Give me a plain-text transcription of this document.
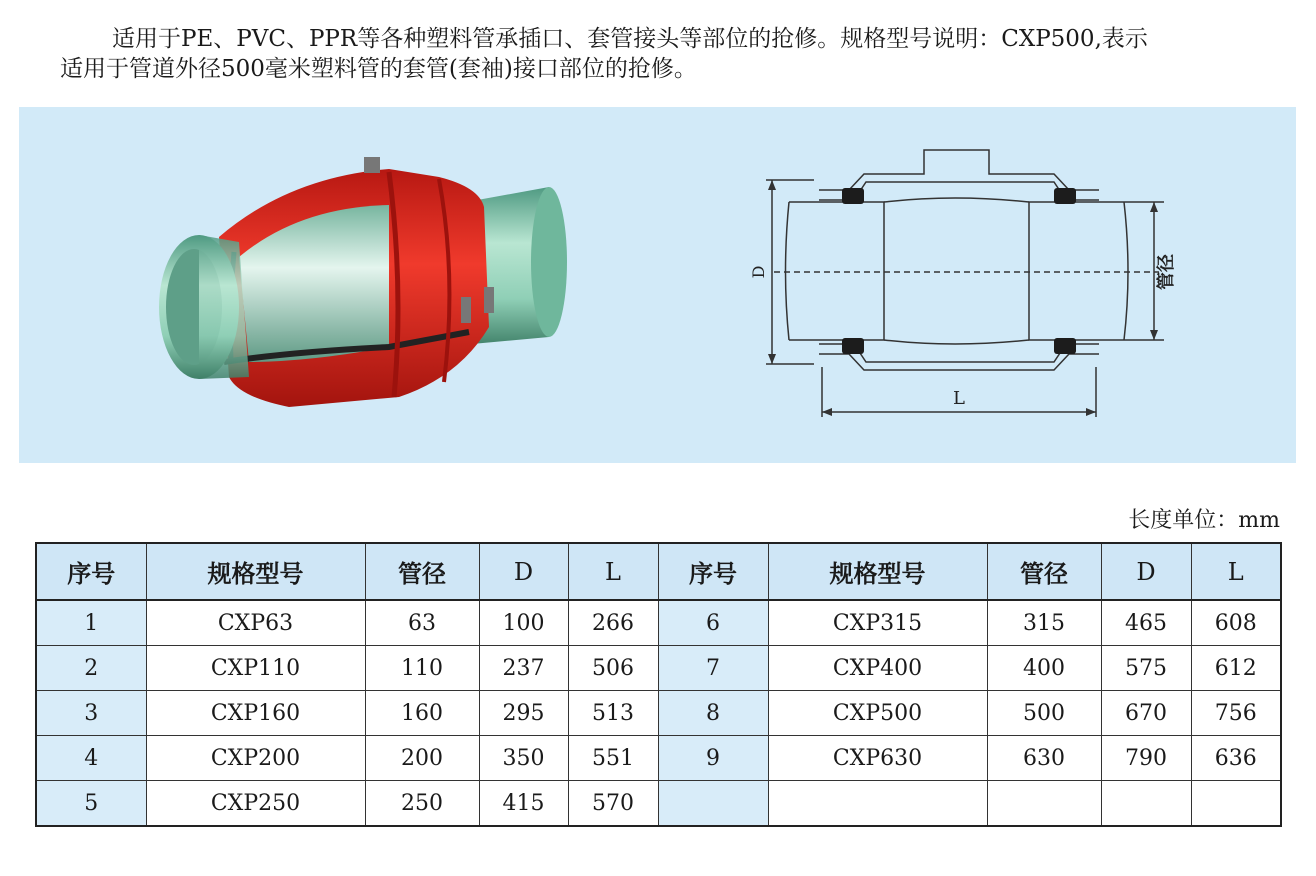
适用于PE、PVC、PPR等各种塑料管承插口、套管接头等部位的抢修。规格型号说明：CXP500,表示

适用于管道外径500毫米塑料管的套管(套袖)接口部位的抢修。

D	管径
L
长度单位：mm
序号	规格型号	管径	D	L	序号	规格型号	管径	D	L
1	CXP63	63	100	266	6	CXP315	315	465	608
2	CXP110	110	237	506	7	CXP400	400	575	612
3	CXP160	160	295	513	8	CXP500	500	670	756
4	CXP200	200	350	551	9	CXP630	630	790	636
5	CXP250	250	415	570					
